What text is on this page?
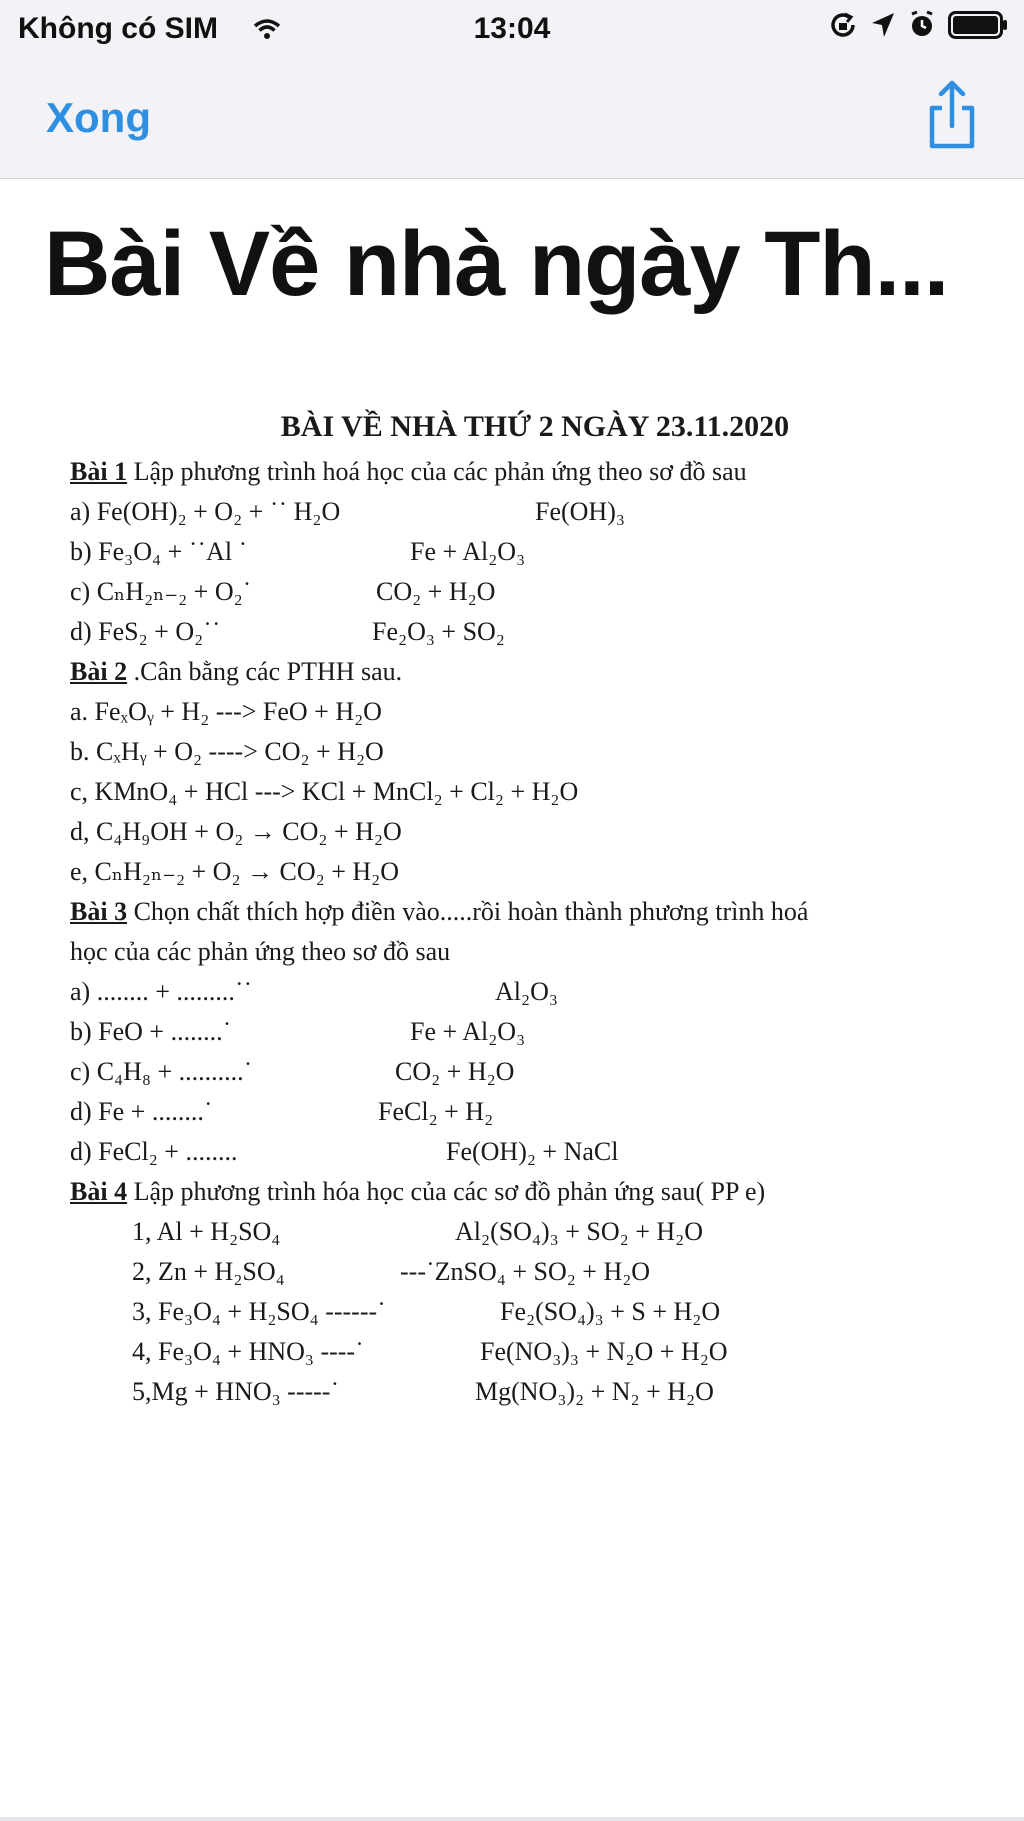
Không có SIM	13:04
Xong
Bài Về nhà ngày Th...
BÀI VỀ NHÀ THỨ 2 NGÀY 23.11.2020
Bài 1 Lập phương trình hoá học của các phản ứng theo sơ đồ sau
a) Fe(OH)₂ + O₂ + ˙˙ H₂O	Fe(OH)₃
b) Fe₃O₄ + ˙˙Al ˙	Fe + Al₂O₃
c) CₙH₂ₙ₋₂ + O₂˙	CO₂ + H₂O
d) FeS₂ + O₂˙˙	Fe₂O₃ + SO₂
Bài 2 .Cân bằng các PTHH sau.
a. FeₓOᵧ + H₂ ---> FeO + H₂O
b. CₓHᵧ + O₂ ----> CO₂ + H₂O
c, KMnO₄ + HCl ---> KCl + MnCl₂ + Cl₂ + H₂O
d, C₄H₉OH + O₂ → CO₂ + H₂O
e, CₙH₂ₙ₋₂ + O₂ → CO₂ + H₂O
Bài 3 Chọn chất thích hợp điền vào.....rồi hoàn thành phương trình hoá
học của các phản ứng theo sơ đồ sau
a) ........ + .........˙˙	Al₂O₃
b) FeO + ........˙	Fe + Al₂O₃
c) C₄H₈ + ..........˙	CO₂ + H₂O
d) Fe + ........˙	FeCl₂ + H₂
d) FeCl₂ + ........	Fe(OH)₂ + NaCl
Bài 4 Lập phương trình hóa học của các sơ đồ phản ứng sau( PP e)
1, Al + H₂SO₄	Al₂(SO₄)₃ + SO₂ + H₂O
2, Zn + H₂SO₄	---˙ZnSO₄ + SO₂ + H₂O
3, Fe₃O₄ + H₂SO₄ ------˙	Fe₂(SO₄)₃ + S + H₂O
4, Fe₃O₄ + HNO₃ ----˙	Fe(NO₃)₃ + N₂O + H₂O
5,Mg + HNO₃ -----˙	Mg(NO₃)₂ + N₂ + H₂O
